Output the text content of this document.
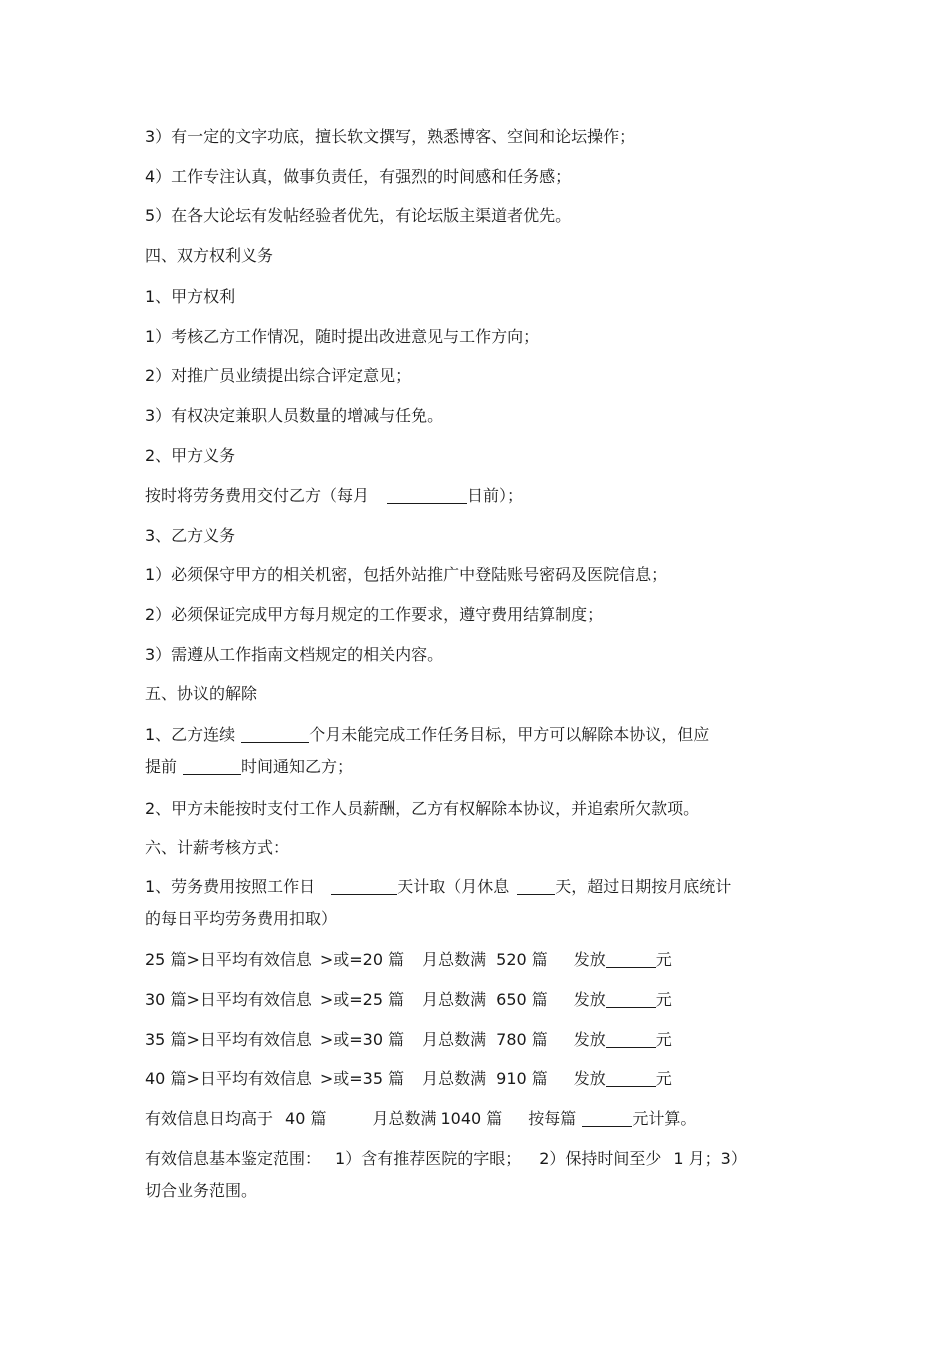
3）有一定的文字功底，擅长软文撰写，熟悉博客、空间和论坛操作；
4）工作专注认真，做事负责任，有强烈的时间感和任务感；
5）在各大论坛有发帖经验者优先，有论坛版主渠道者优先。
四、双方权利义务
1、甲方权利
1）考核乙方工作情况，随时提出改进意见与工作方向；
2）对推广员业绩提出综合评定意见；
3）有权决定兼职人员数量的增减与任免。
2、甲方义务
按时将劳务费用交付乙方（每月	日前）；
3、乙方义务
1）必须保守甲方的相关机密，包括外站推广中登陆账号密码及医院信息；
2）必须保证完成甲方每月规定的工作要求，遵守费用结算制度；
3）需遵从工作指南文档规定的相关内容。
五、协议的解除
1、乙方连续	个月未能完成工作任务目标，甲方可以解除本协议，但应
提前	时间通知乙方；
2、甲方未能按时支付工作人员薪酬，乙方有权解除本协议，并追索所欠款项。
六、计薪考核方式：
1、劳务费用按照工作日	天计取（月休息	天，超过日期按月底统计
的每日平均劳务费用扣取）
25 篇>日平均有效信息 >或=20 篇 月总数满 520 篇 发放	元
30 篇>日平均有效信息 >或=25 篇 月总数满 650 篇 发放	元
35 篇>日平均有效信息 >或=30 篇 月总数满 780 篇 发放	元
40 篇>日平均有效信息 >或=35 篇 月总数满 910 篇 发放	元
有效信息日均高于 40 篇	月总数满 1040 篇 按每篇	元计算。
有效信息基本鉴定范围： 1）含有推荐医院的字眼； 2）保持时间至少 1 月；3）
切合业务范围。
